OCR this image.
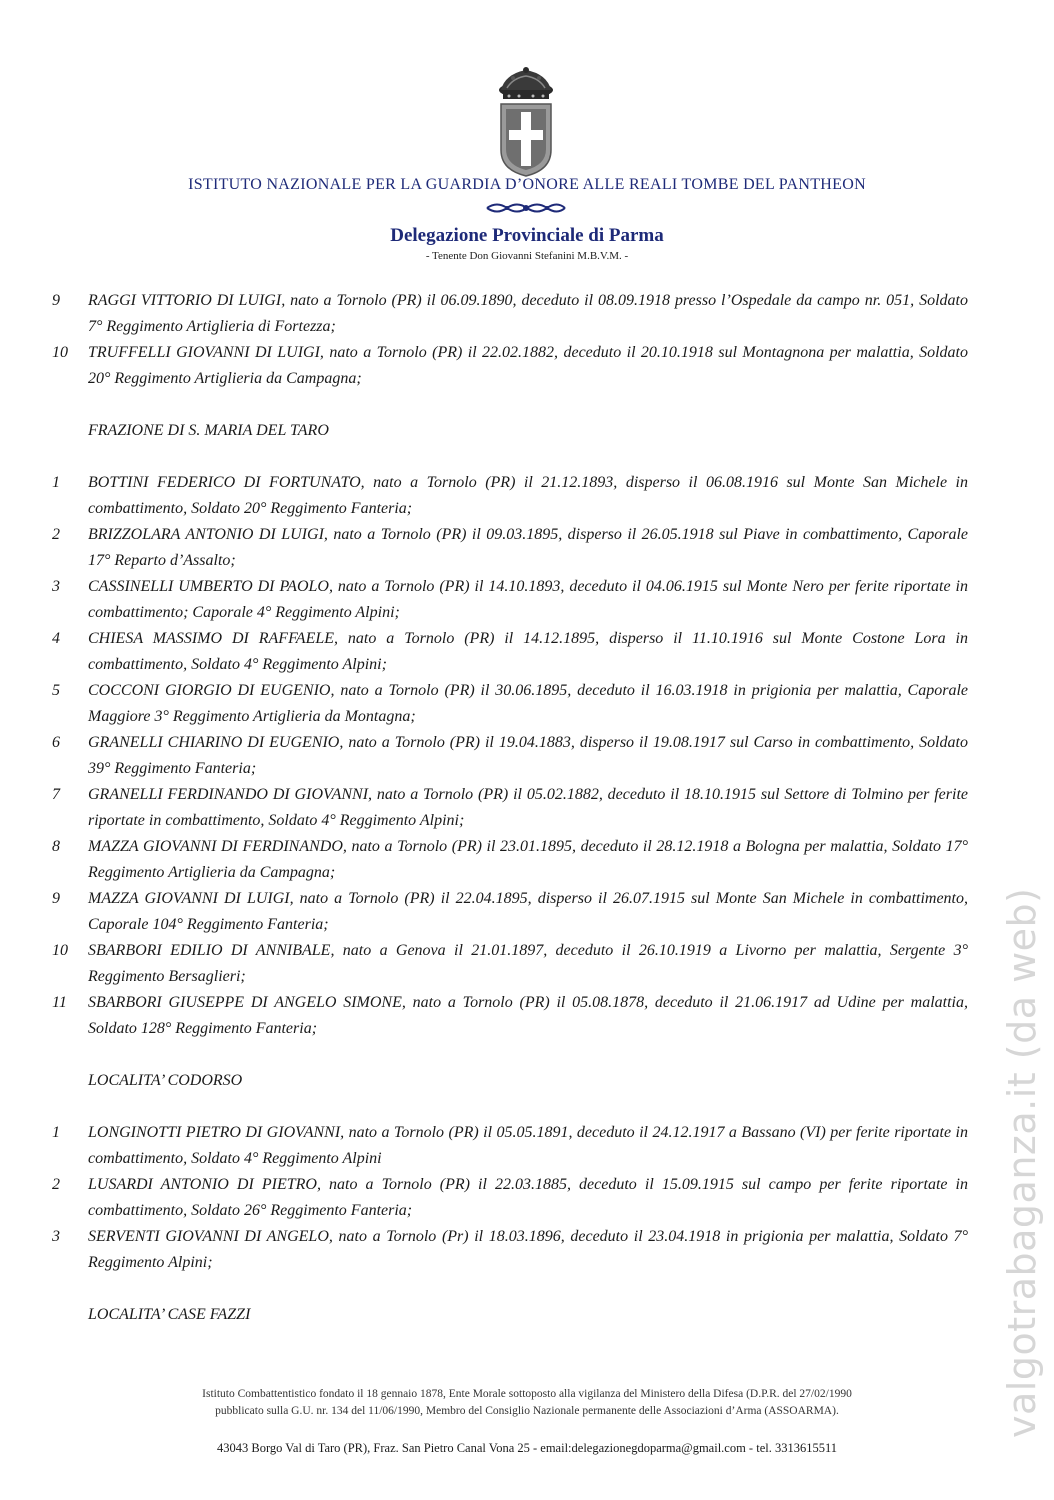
ISTITUTO NAZIONALE PER LA GUARDIA D’ONORE ALLE REALI TOMBE DEL PANTHEON
Delegazione Provinciale di Parma
- Tenente Don Giovanni Stefanini M.B.V.M. -

9	RAGGI VITTORIO DI LUIGI, nato a Tornolo (PR) il 06.09.1890, deceduto il 08.09.1918 presso l’Ospedale da campo nr. 051, Soldato 7° Reggimento Artiglieria di Fortezza;

10	TRUFFELLI GIOVANNI DI LUIGI, nato a Tornolo (PR) il 22.02.1882, deceduto il 20.10.1918 sul Montagnona per malattia, Soldato 20° Reggimento Artiglieria da Campagna;

FRAZIONE DI S. MARIA DEL TARO

1	BOTTINI FEDERICO DI FORTUNATO, nato a Tornolo (PR) il 21.12.1893, disperso il 06.08.1916 sul Monte San Michele in combattimento, Soldato 20° Reggimento Fanteria;

2	BRIZZOLARA ANTONIO DI LUIGI, nato a Tornolo (PR) il 09.03.1895, disperso il 26.05.1918 sul Piave in combattimento, Caporale 17° Reparto d’Assalto;

3	CASSINELLI UMBERTO DI PAOLO, nato a Tornolo (PR) il 14.10.1893, deceduto il 04.06.1915 sul Monte Nero per ferite riportate in combattimento; Caporale 4° Reggimento Alpini;

4	CHIESA MASSIMO DI RAFFAELE, nato a Tornolo (PR) il 14.12.1895, disperso il 11.10.1916 sul Monte Costone Lora in combattimento, Soldato 4° Reggimento Alpini;

5	COCCONI GIORGIO DI EUGENIO, nato a Tornolo (PR) il 30.06.1895, deceduto il 16.03.1918 in prigionia per malattia, Caporale Maggiore 3° Reggimento Artiglieria da Montagna;

6	GRANELLI CHIARINO DI EUGENIO, nato a Tornolo (PR) il 19.04.1883, disperso il 19.08.1917 sul Carso in combattimento, Soldato 39° Reggimento Fanteria;

7	GRANELLI FERDINANDO DI GIOVANNI, nato a Tornolo (PR) il 05.02.1882, deceduto il 18.10.1915 sul Settore di Tolmino per ferite riportate in combattimento, Soldato 4° Reggimento Alpini;

8	MAZZA GIOVANNI DI FERDINANDO, nato a Tornolo (PR) il 23.01.1895, deceduto il 28.12.1918 a Bologna per malattia, Soldato 17° Reggimento Artiglieria da Campagna;

9	MAZZA GIOVANNI DI LUIGI, nato a Tornolo (PR) il 22.04.1895, disperso il 26.07.1915 sul Monte San Michele in combattimento, Caporale 104° Reggimento Fanteria;

10	SBARBORI EDILIO DI ANNIBALE, nato a Genova il 21.01.1897, deceduto il 26.10.1919 a Livorno per malattia, Sergente 3° Reggimento Bersaglieri;

11	SBARBORI GIUSEPPE DI ANGELO SIMONE, nato a Tornolo (PR) il 05.08.1878, deceduto il 21.06.1917 ad Udine per malattia, Soldato 128° Reggimento Fanteria;

LOCALITA’ CODORSO

1	LONGINOTTI PIETRO DI GIOVANNI, nato a Tornolo (PR) il 05.05.1891, deceduto il 24.12.1917 a Bassano (VI) per ferite riportate in combattimento, Soldato 4° Reggimento Alpini

2	LUSARDI ANTONIO DI PIETRO, nato a Tornolo (PR) il 22.03.1885, deceduto il 15.09.1915 sul campo per ferite riportate in combattimento, Soldato 26° Reggimento Fanteria;

3	SERVENTI GIOVANNI DI ANGELO, nato a Tornolo (Pr) il 18.03.1896, deceduto il 23.04.1918 in prigionia per malattia, Soldato 7° Reggimento Alpini;

LOCALITA’ CASE FAZZI

Istituto Combattentistico fondato il 18 gennaio 1878, Ente Morale sottoposto alla vigilanza del Ministero della Difesa (D.P.R. del 27/02/1990
pubblicato sulla G.U. nr. 134 del 11/06/1990, Membro del Consiglio Nazionale permanente delle Associazioni d’Arma (ASSOARMA).
43043 Borgo Val di Taro (PR), Fraz. San Pietro Canal Vona 25 - email:delegazionegdoparma@gmail.com - tel. 3313615511
valgotrabaganza.it (da web)
